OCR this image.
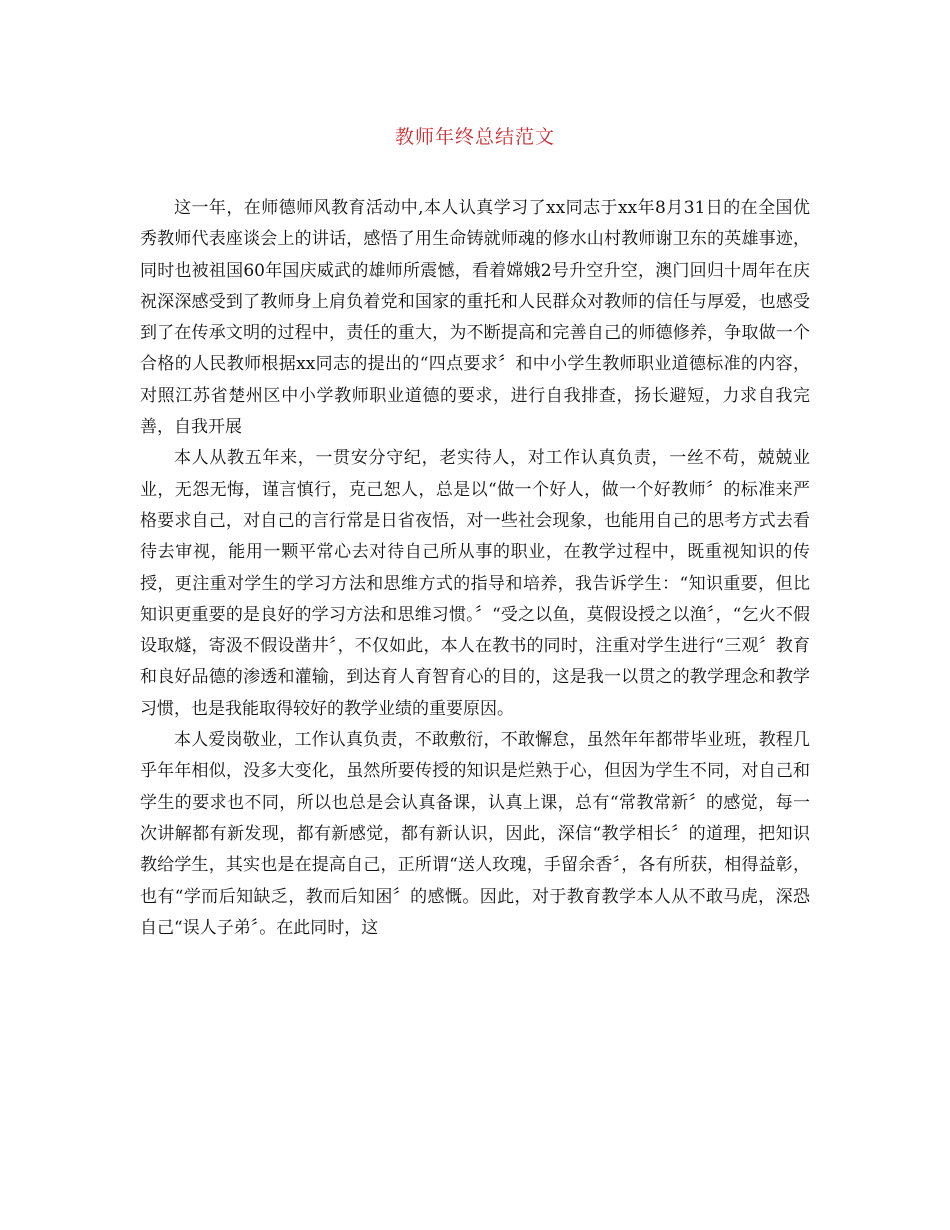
教师年终总结范文

这一年，在师德师风教育活动中,本人认真学习了xx同志于xx年8月31日的在全国优秀教师代表座谈会上的讲话，感悟了用生命铸就师魂的修水山村教师谢卫东的英雄事迹，同时也被祖国60年国庆威武的雄师所震憾，看着嫦娥2号升空升空，澳门回归十周年在庆祝深深感受到了教师身上肩负着党和国家的重托和人民群众对教师的信任与厚爱，也感受到了在传承文明的过程中，责任的重大，为不断提高和完善自己的师德修养，争取做一个合格的人民教师根据xx同志的提出的“四点要求〞和中小学生教师职业道德标准的内容，对照江苏省楚州区中小学教师职业道德的要求，进行自我排查，扬长避短，力求自我完善，自我开展

本人从教五年来，一贯安分守纪，老实待人，对工作认真负责，一丝不苟，兢兢业业，无怨无悔，谨言慎行，克己恕人，总是以“做一个好人，做一个好教师〞的标准来严格要求自己，对自己的言行常是日省夜悟，对一些社会现象，也能用自己的思考方式去看待去审视，能用一颗平常心去对待自己所从事的职业，在教学过程中，既重视知识的传授，更注重对学生的学习方法和思维方式的指导和培养，我告诉学生：“知识重要，但比知识更重要的是良好的学习方法和思维习惯。〞“受之以鱼，莫假设授之以渔〞，“乞火不假设取燧，寄汲不假设凿井〞，不仅如此，本人在教书的同时，注重对学生进行“三观〞教育和良好品德的渗透和灌输，到达育人育智育心的目的，这是我一以贯之的教学理念和教学习惯，也是我能取得较好的教学业绩的重要原因。

本人爱岗敬业，工作认真负责，不敢敷衍，不敢懈怠，虽然年年都带毕业班，教程几乎年年相似，没多大变化，虽然所要传授的知识是烂熟于心，但因为学生不同，对自己和学生的要求也不同，所以也总是会认真备课，认真上课，总有“常教常新〞的感觉，每一次讲解都有新发现，都有新感觉，都有新认识，因此，深信“教学相长〞的道理，把知识教给学生，其实也是在提高自己，正所谓“送人玫瑰，手留余香〞，各有所获，相得益彰，也有“学而后知缺乏，教而后知困〞的感慨。因此，对于教育教学本人从不敢马虎，深恐自己“误人子弟〞。在此同时，这
